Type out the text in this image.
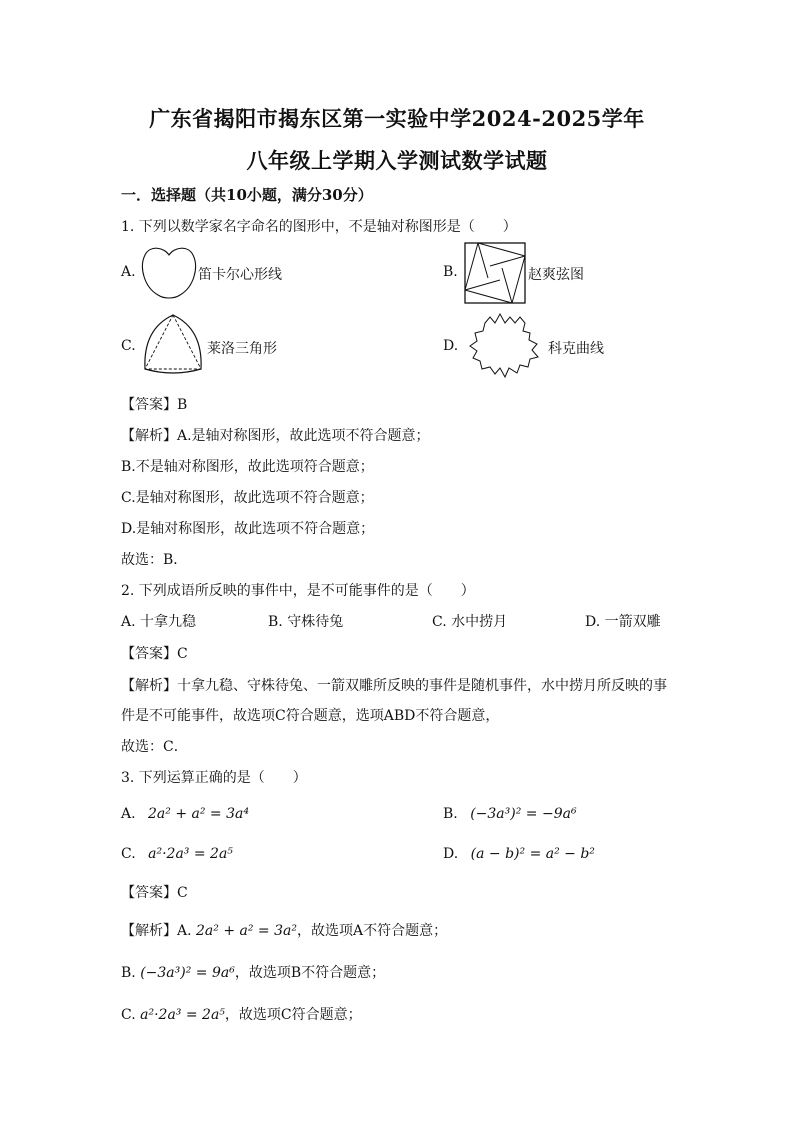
广东省揭阳市揭东区第一实验中学2024-2025学年
八年级上学期入学测试数学试题
一．选择题（共10小题，满分30分）
1. 下列以数学家名字命名的图形中，不是轴对称图形是（　　）
A.	笛卡尔心形线	B.	赵爽弦图
C.	莱洛三角形	D.	科克曲线
【答案】B
【解析】A.是轴对称图形，故此选项不符合题意；
B.不是轴对称图形，故此选项符合题意；
C.是轴对称图形，故此选项不符合题意；
D.是轴对称图形，故此选项不符合题意；
故选：B．
2. 下列成语所反映的事件中，是不可能事件的是（　　）
A. 十拿九稳	B. 守株待兔	C. 水中捞月	D. 一箭双雕
【答案】C
【解析】十拿九稳、守株待兔、一箭双雕所反映的事件是随机事件，水中捞月所反映的事
件是不可能事件，故选项C符合题意，选项ABD不符合题意，
故选：C．
3. 下列运算正确的是（　　）
A. 2a² + a² = 3a⁴	B. (−3a³)² = −9a⁶
C. a²·2a³ = 2a⁵	D. (a − b)² = a² − b²
【答案】C
【解析】A. 2a² + a² = 3a²，故选项A不符合题意；
B. (−3a³)² = 9a⁶，故选项B不符合题意；
C. a²·2a³ = 2a⁵，故选项C符合题意；
